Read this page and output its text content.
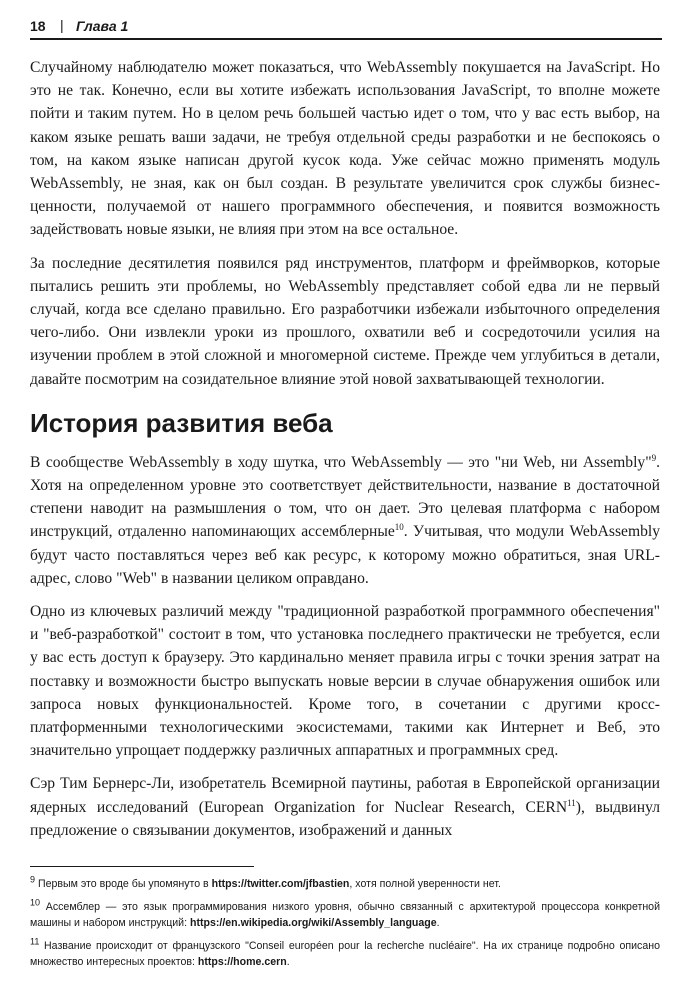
18 | Глава 1

Случайному наблюдателю может показаться, что WebAssembly покушается на JavaScript. Но это не так. Конечно, если вы хотите избежать использования JavaScript, то вполне можете пойти и таким путем. Но в целом речь большей частью идет о том, что у вас есть выбор, на каком языке решать ваши задачи, не требуя отдельной среды разработки и не беспокоясь о том, на каком языке написан другой кусок кода. Уже сейчас можно применять модуль WebAssembly, не зная, как он был создан. В результате увеличится срок службы бизнес-ценности, получаемой от нашего программного обеспечения, и появится возможность задействовать новые языки, не влияя при этом на все остальное.

За последние десятилетия появился ряд инструментов, платформ и фреймворков, которые пытались решить эти проблемы, но WebAssembly представляет собой едва ли не первый случай, когда все сделано правильно. Его разработчики избежали избыточного определения чего-либо. Они извлекли уроки из прошлого, охватили веб и сосредоточили усилия на изучении проблем в этой сложной и многомерной системе. Прежде чем углубиться в детали, давайте посмотрим на созидательное влияние этой новой захватывающей технологии.

История развития веба

В сообществе WebAssembly в ходу шутка, что WebAssembly — это "ни Web, ни Assembly"$^9$. Хотя на определенном уровне это соответствует действительности, название в достаточной степени наводит на размышления о том, что он дает. Это целевая платформа с набором инструкций, отдаленно напоминающих ассемблерные$^{10}$. Учитывая, что модули WebAssembly будут часто поставляться через веб как ресурс, к которому можно обратиться, зная URL-адрес, слово "Web" в названии целиком оправдано.

Одно из ключевых различий между "традиционной разработкой программного обеспечения" и "веб-разработкой" состоит в том, что установка последнего практически не требуется, если у вас есть доступ к браузеру. Это кардинально меняет правила игры с точки зрения затрат на поставку и возможности быстро выпускать новые версии в случае обнаружения ошибок или запроса новых функциональностей. Кроме того, в сочетании с другими кросс-платформенными технологическими экосистемами, такими как Интернет и Веб, это значительно упрощает поддержку различных аппаратных и программных сред.

Сэр Тим Бернерс-Ли, изобретатель Всемирной паутины, работая в Европейской организации ядерных исследований (European Organization for Nuclear Research, CERN$^{11}$), выдвинул предложение о связывании документов, изображений и данных

$^9$ Первым это вроде бы упомянуто в https://twitter.com/jfbastien, хотя полной уверенности нет.

$^{10}$ Ассемблер — это язык программирования низкого уровня, обычно связанный с архитектурой процессора конкретной машины и набором инструкций: https://en.wikipedia.org/wiki/Assembly_language.

$^{11}$ Название происходит от французского "Conseil européen pour la recherche nucléaire". На их странице подробно описано множество интересных проектов: https://home.cern.
